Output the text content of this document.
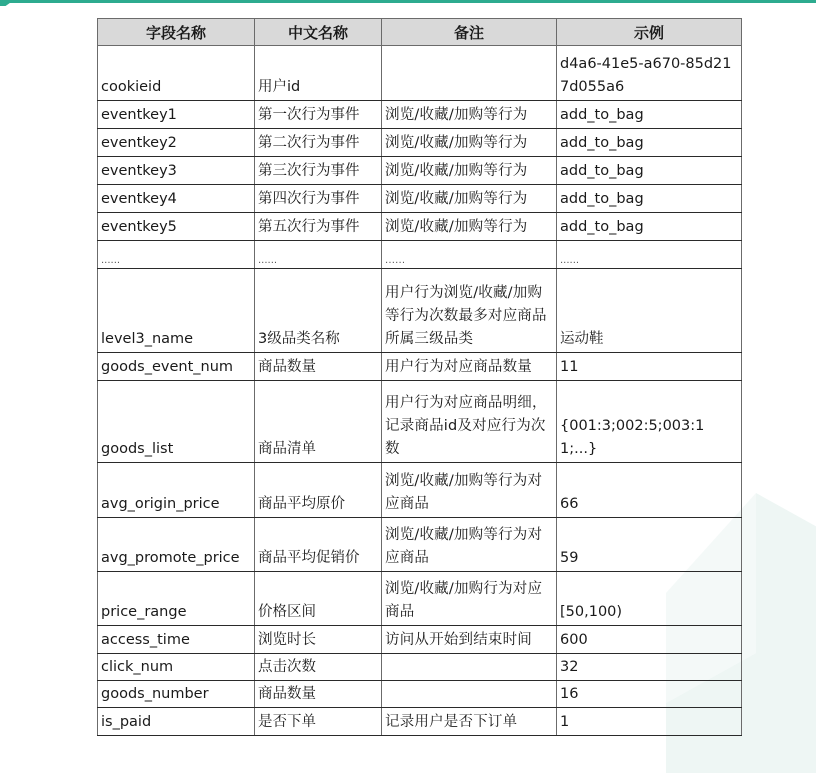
字段名称	中文名称	备注	示例
cookieid	用户id		d4a6-41e5-a670-85d217d055a6
eventkey1	第一次行为事件	浏览/收藏/加购等行为	add_to_bag
eventkey2	第二次行为事件	浏览/收藏/加购等行为	add_to_bag
eventkey3	第三次行为事件	浏览/收藏/加购等行为	add_to_bag
eventkey4	第四次行为事件	浏览/收藏/加购等行为	add_to_bag
eventkey5	第五次行为事件	浏览/收藏/加购等行为	add_to_bag
......	......	......	......
level3_name	3级品类名称	用户行为浏览/收藏/加购等行为次数最多对应商品所属三级品类	运动鞋
goods_event_num	商品数量	用户行为对应商品数量	11
goods_list	商品清单	用户行为对应商品明细，记录商品id及对应行为次数	{001:3;002:5;003:11;...}
avg_origin_price	商品平均原价	浏览/收藏/加购等行为对应商品	66
avg_promote_price	商品平均促销价	浏览/收藏/加购等行为对应商品	59
price_range	价格区间	浏览/收藏/加购行为对应商品	[50,100)
access_time	浏览时长	访问从开始到结束时间	600
click_num	点击次数		32
goods_number	商品数量		16
is_paid	是否下单	记录用户是否下订单	1
